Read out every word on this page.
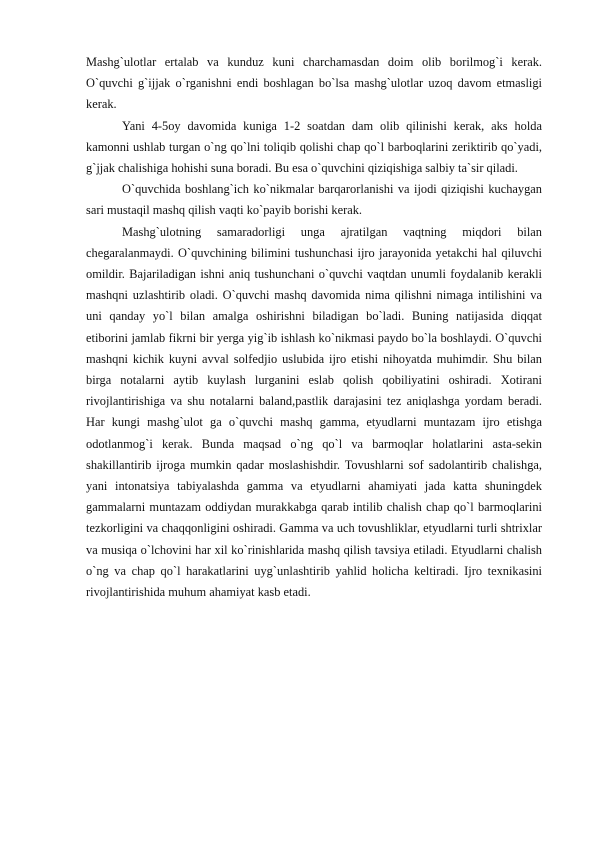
Mashg`ulotlar ertalab va kunduz kuni charchamasdan doim olib borilmog`i kerak. O`quvchi g`ijjak o`rganishni endi boshlagan bo`lsa mashg`ulotlar uzoq davom etmasligi kerak.

Yani 4-5oy davomida kuniga 1-2 soatdan dam olib qilinishi kerak, aks holda kamonni ushlab turgan o`ng qo`lni toliqib qolishi chap qo`l barboqlarini zeriktirib qo`yadi, g`jjak chalishiga hohishi suna boradi. Bu esa o`quvchini qiziqishiga salbiy ta`sir qiladi.

O`quvchida boshlang`ich ko`nikmalar barqarorlanishi va ijodi qiziqishi kuchaygan sari mustaqil mashq qilish vaqti ko`payib borishi kerak.

Mashg`ulotning samaradorligi unga ajratilgan vaqtning miqdori bilan chegaralanmaydi. O`quvchining bilimini tushunchasi ijro jarayonida yetakchi hal qiluvchi omildir. Bajariladigan ishni aniq tushunchani o`quvchi vaqtdan unumli foydalanib kerakli mashqni uzlashtirib oladi. O`quvchi mashq davomida nima qilishni nimaga intilishini va uni qanday yo`l bilan amalga oshirishni biladigan bo`ladi. Buning natijasida diqqat etiborini jamlab fikrni bir yerga yig`ib ishlash ko`nikmasi paydo bo`la boshlaydi. O`quvchi mashqni kichik kuyni avval solfedjio uslubida ijro etishi nihoyatda muhimdir. Shu bilan birga notalarni aytib kuylash lurganini eslab qolish qobiliyatini oshiradi. Xotirani rivojlantirishiga va shu notalarni baland,pastlik darajasini tez aniqlashga yordam beradi. Har kungi mashg`ulot ga o`quvchi mashq gamma, etyudlarni muntazam ijro etishga odotlanmog`i kerak. Bunda maqsad o`ng qo`l va barmoqlar holatlarini asta-sekin shakillantirib ijroga mumkin qadar moslashishdir. Tovushlarni sof sadolantirib chalishga, yani intonatsiya tabiyalashda gamma va etyudlarni ahamiyati jada katta shuningdek gammalarni muntazam oddiydan murakkabga qarab intilib chalish chap qo`l barmoqlarini tezkorligini va chaqqonligini oshiradi. Gamma va uch tovushliklar, etyudlarni turli shtrixlar va musiqa o`lchovini har xil ko`rinishlarida mashq qilish tavsiya etiladi. Etyudlarni chalish o`ng va chap qo`l harakatlarini uyg`unlashtirib yahlid holicha keltiradi. Ijro texnikasini rivojlantirishida muhum ahamiyat kasb etadi.
